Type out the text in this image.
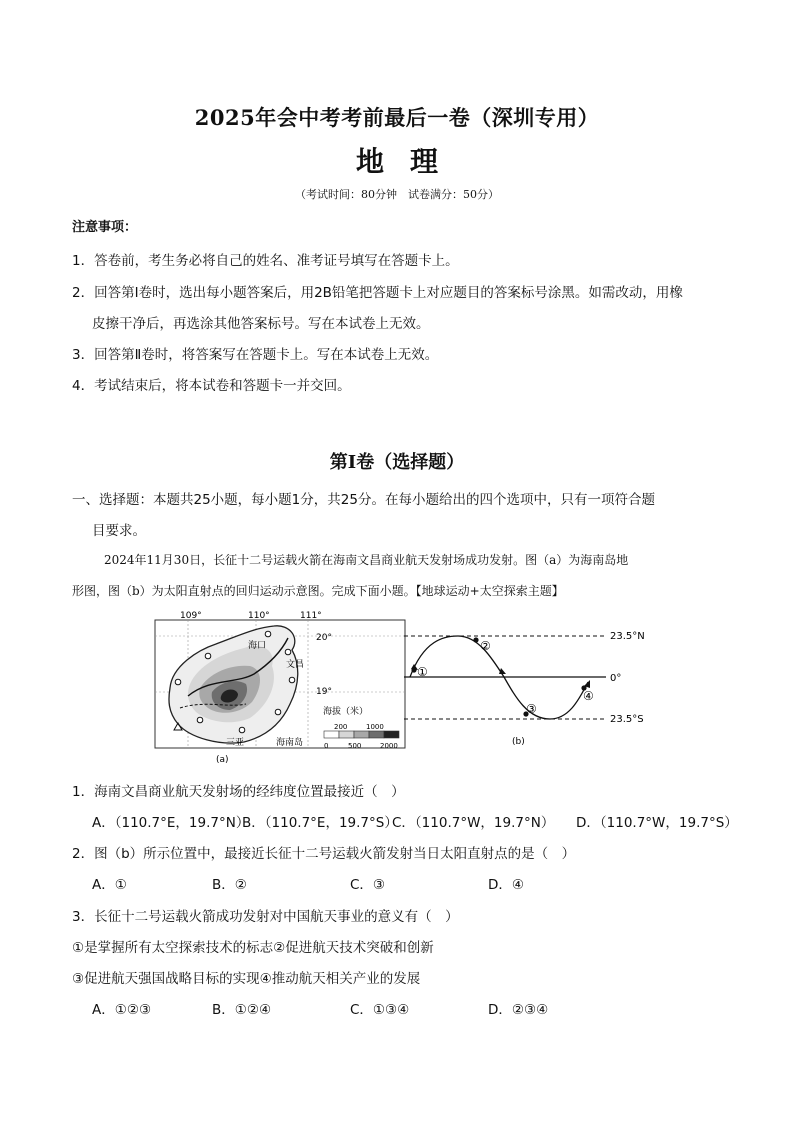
2025年会中考考前最后一卷（深圳专用）
地理
（考试时间：80分钟　试卷满分：50分）
注意事项：
1．答卷前，考生务必将自己的姓名、准考证号填写在答题卡上。
2．回答第Ⅰ卷时，选出每小题答案后，用2B铅笔把答题卡上对应题目的答案标号涂黑。如需改动，用橡
皮擦干净后，再选涂其他答案标号。写在本试卷上无效。
3．回答第Ⅱ卷时，将答案写在答题卡上。写在本试卷上无效。
4．考试结束后，将本试卷和答题卡一并交回。
第Ⅰ卷（选择题）
一、选择题：本题共25小题，每小题1分，共25分。在每小题给出的四个选项中，只有一项符合题
目要求。
2024年11月30日，长征十二号运载火箭在海南文昌商业航天发射场成功发射。图（a）为海南岛地
形图，图（b）为太阳直射点的回归运动示意图。完成下面小题。【地球运动+太空探索主题】
109°	110°	111°
20°
19°
海口
文昌
三亚	海南岛
海拔（米）
200	1000
0	500	2000
(a)
23.5°N
0°
23.5°S
①
②
③
④
(b)
1．海南文昌商业航天发射场的经纬度位置最接近（　）
A．（110.7°E，19.7°N）
B．（110.7°E，19.7°S）
C．（110.7°W，19.7°N） D．（110.7°W，19.7°S）
2．图（b）所示位置中，最接近长征十二号运载火箭发射当日太阳直射点的是（　）
A．①	B．②	C．③	D．④
3．长征十二号运载火箭成功发射对中国航天事业的意义有（　）
①是掌握所有太空探索技术的标志②促进航天技术突破和创新
③促进航天强国战略目标的实现④推动航天相关产业的发展
A．①②③	B．①②④	C．①③④	D．②③④
